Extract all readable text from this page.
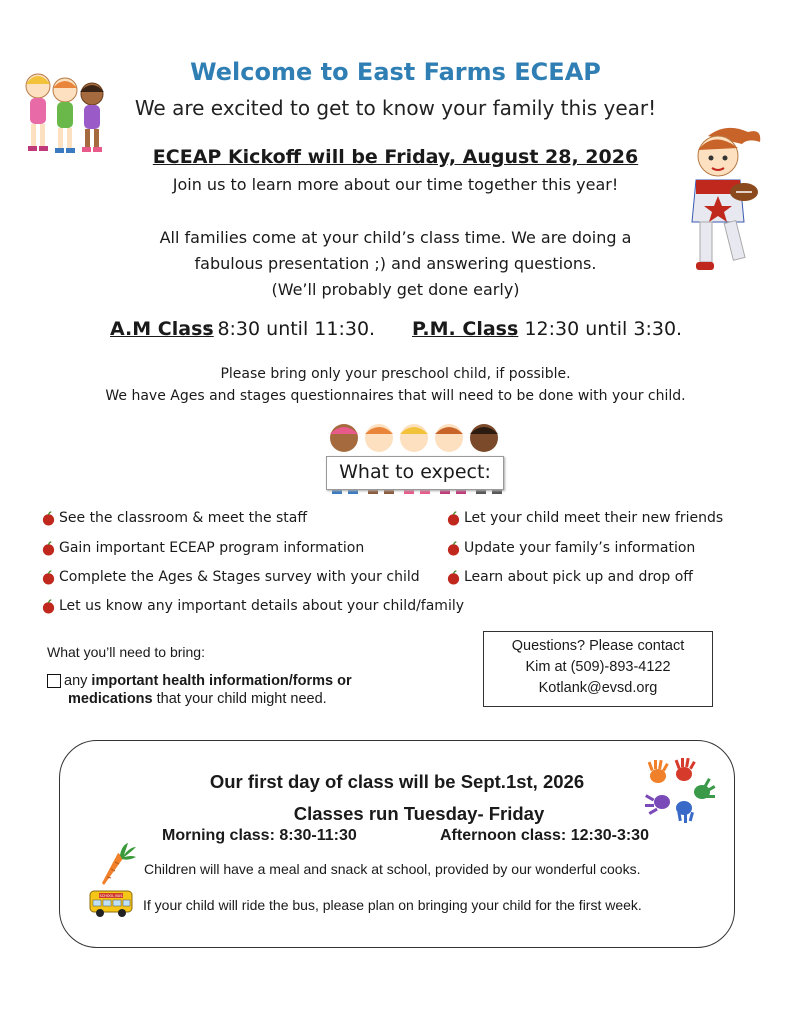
Welcome to East Farms ECEAP
We are excited to get to know your family this year!
ECEAP Kickoff will be Friday, August 28, 2026
Join us to learn more about our time together this year!
All families come at your child’s class time. We are doing a
fabulous presentation ;) and answering questions.
(We’ll probably get done early)
A.M Class
: 8:30 until 11:30. P.M. Class
: 12:30 until 3:30.
Please bring only your preschool child, if possible.
We have Ages and stages questionnaires that will need to be done with your child.
What to expect:
See the classroom & meet the staff	Let your child meet their new friends
Gain important ECEAP program information	Update your family’s information
Complete the Ages & Stages survey with your child	Learn about pick up and drop off
Let us know any important details about your child/family
What you’ll need to bring:
any important health information/forms or
medications that your child might need.
Questions? Please contact
Kim at (509)-893-4122
Kotlank@evsd.org
Our first day of class will be Sept.1st, 2026
Classes run Tuesday- Friday
Morning class: 8:30-11:30	Afternoon class: 12:30-3:30
Children will have a meal and snack at school, provided by our wonderful cooks.
SCHOOL BUS
If your child will ride the bus, please plan on bringing your child for the first week.
